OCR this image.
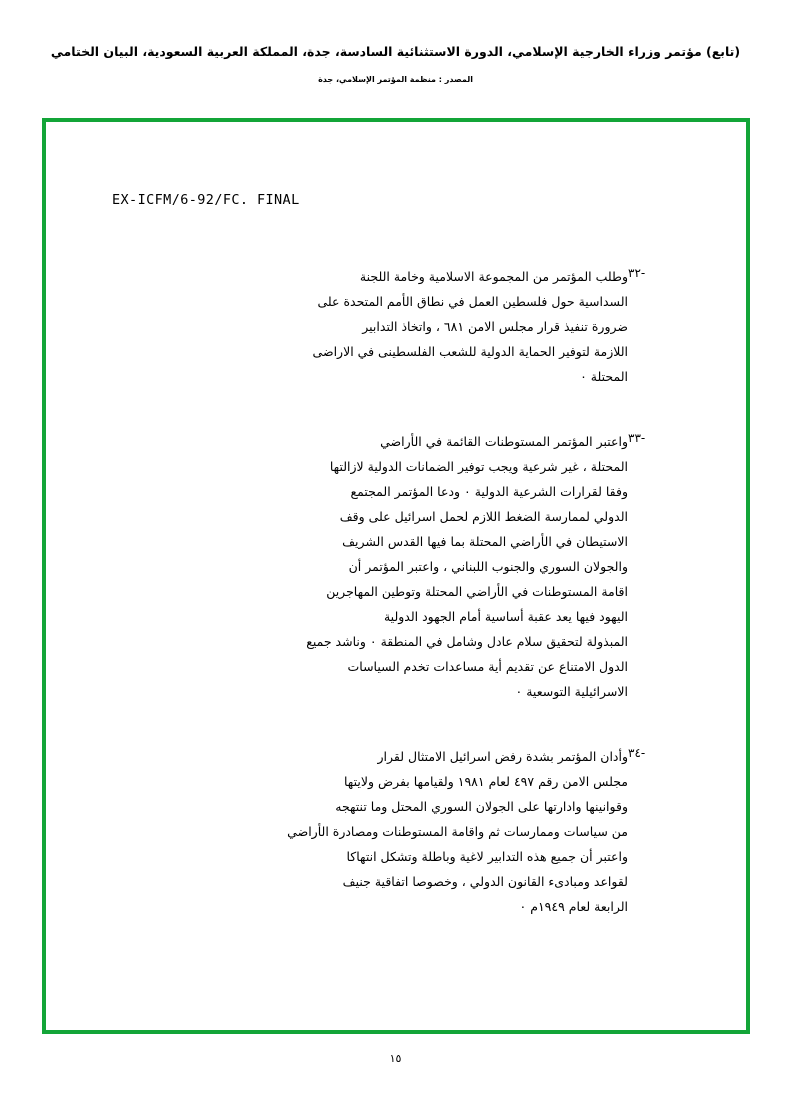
(تابع) مؤتمر وزراء الخارجية الإسلامي، الدورة الاستثنائية السادسة، جدة، المملكة العربية السعودية، البيان الختامي
المصدر : منظمة المؤتمر الإسلامي، جدة
EX-ICFM/6-92/FC. FINAL
-٣٢
وطلب المؤتمر من المجموعة الاسلامية وخامة اللجنة
السداسية حول فلسطين العمل في نطاق الأمم المتحدة على
ضرورة تنفيذ قرار مجلس الامن ٦٨١ ، واتخاذ التدابير
اللازمة لتوفير الحماية الدولية للشعب الفلسطينى في الاراضى
المحتلة ٠
-٣٣
واعتبر المؤتمر المستوطنات القائمة في الأراضي
المحتلة ، غير شرعية ويجب توفير الضمانات الدولية لازالتها
وفقا لقرارات الشرعية الدولية ٠ ودعا المؤتمر المجتمع
الدولي لممارسة الضغط اللازم لحمل اسرائيل على وقف
الاستيطان في الأراضي المحتلة بما فيها القدس الشريف
والجولان السوري والجنوب اللبناني ، واعتبر المؤتمر أن
اقامة المستوطنات في الأراضي المحتلة وتوطين المهاجرين
اليهود فيها يعد عقبة أساسية أمام الجهود الدولية
المبذولة لتحقيق سلام عادل وشامل في المنطقة ٠ وناشد جميع
الدول الامتناع عن تقديم أية مساعدات تخدم السياسات
الاسرائيلية التوسعية ٠
-٣٤
وأدان المؤتمر بشدة رفض اسرائيل الامتثال لقرار
مجلس الامن رقم ٤٩٧ لعام ١٩٨١ ولقيامها بفرض ولايتها
وقوانينها وادارتها على الجولان السوري المحتل وما تنتهجه
من سياسات وممارسات ثم واقامة المستوطنات ومصادرة الأراضي
واعتبر أن جميع هذه التدابير لاغية وباطلة وتشكل انتهاكا
لقواعد ومبادىء القانون الدولي ، وخصوصا اتفاقية جنيف
الرابعة لعام ١٩٤٩م ٠
١٥
